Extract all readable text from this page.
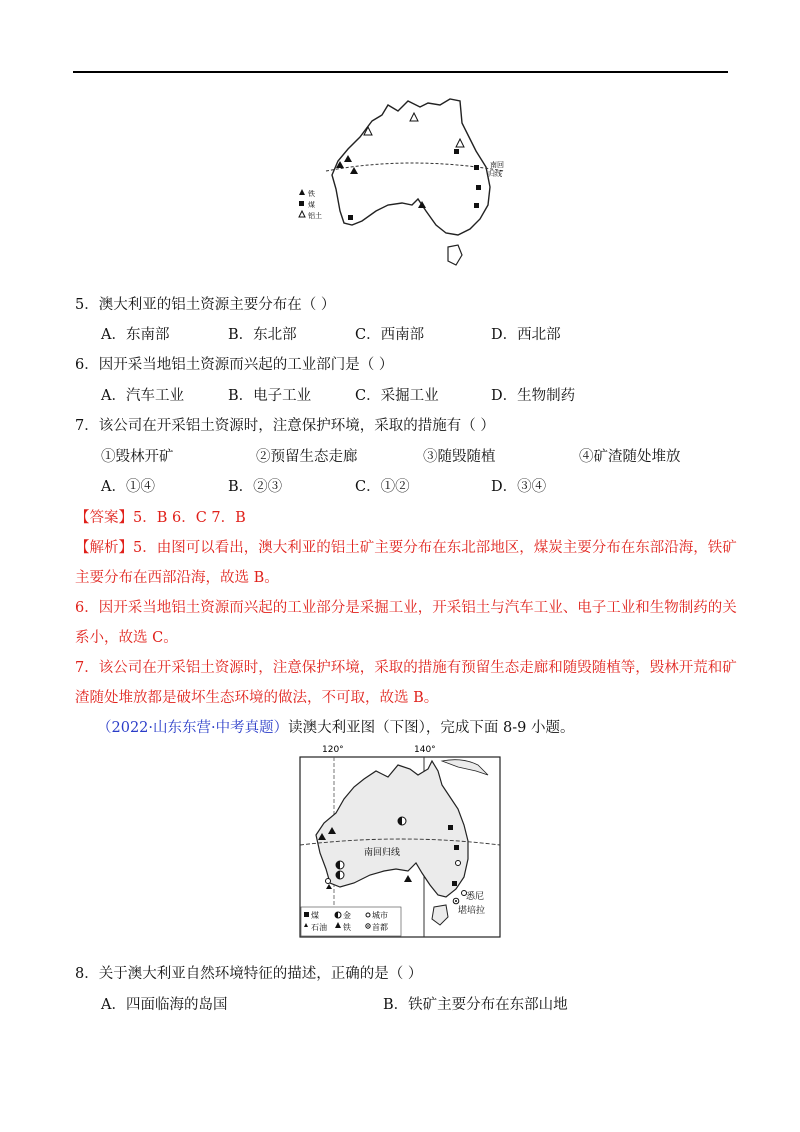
南回
归线
铁
煤
铝土
5．澳大利亚的铝土资源主要分布在（ ）
A．东南部	B．东北部	C．西南部	D．西北部
6．因开采当地铝土资源而兴起的工业部门是（ ）
A．汽车工业	B．电子工业	C．采掘工业	D．生物制药
7．该公司在开采铝土资源时，注意保护环境，采取的措施有（ ）
①毁林开矿	②预留生态走廊	③随毁随植	④矿渣随处堆放
A．①④	B．②③	C．①②	D．③④
【答案】5．B 6．C 7．B
【解析】5．由图可以看出，澳大利亚的铝土矿主要分布在东北部地区，煤炭主要分布在东部沿海，铁矿
主要分布在西部沿海，故选 B。
6．因开采当地铝土资源而兴起的工业部分是采掘工业，开采铝土与汽车工业、电子工业和生物制药的关
系小，故选 C。
7．该公司在开采铝土资源时，注意保护环境，采取的措施有预留生态走廊和随毁随植等，毁林开荒和矿
渣随处堆放都是破坏生态环境的做法，不可取，故选 B。
（2022·山东东营·中考真题）读澳大利亚图（下图），完成下面 8-9 小题。
120°	140°
南回归线
悉尼
堪培拉
煤	金	城市
石油 铁	首都
8．关于澳大利亚自然环境特征的描述，正确的是（ ）
A．四面临海的岛国	B．铁矿主要分布在东部山地
